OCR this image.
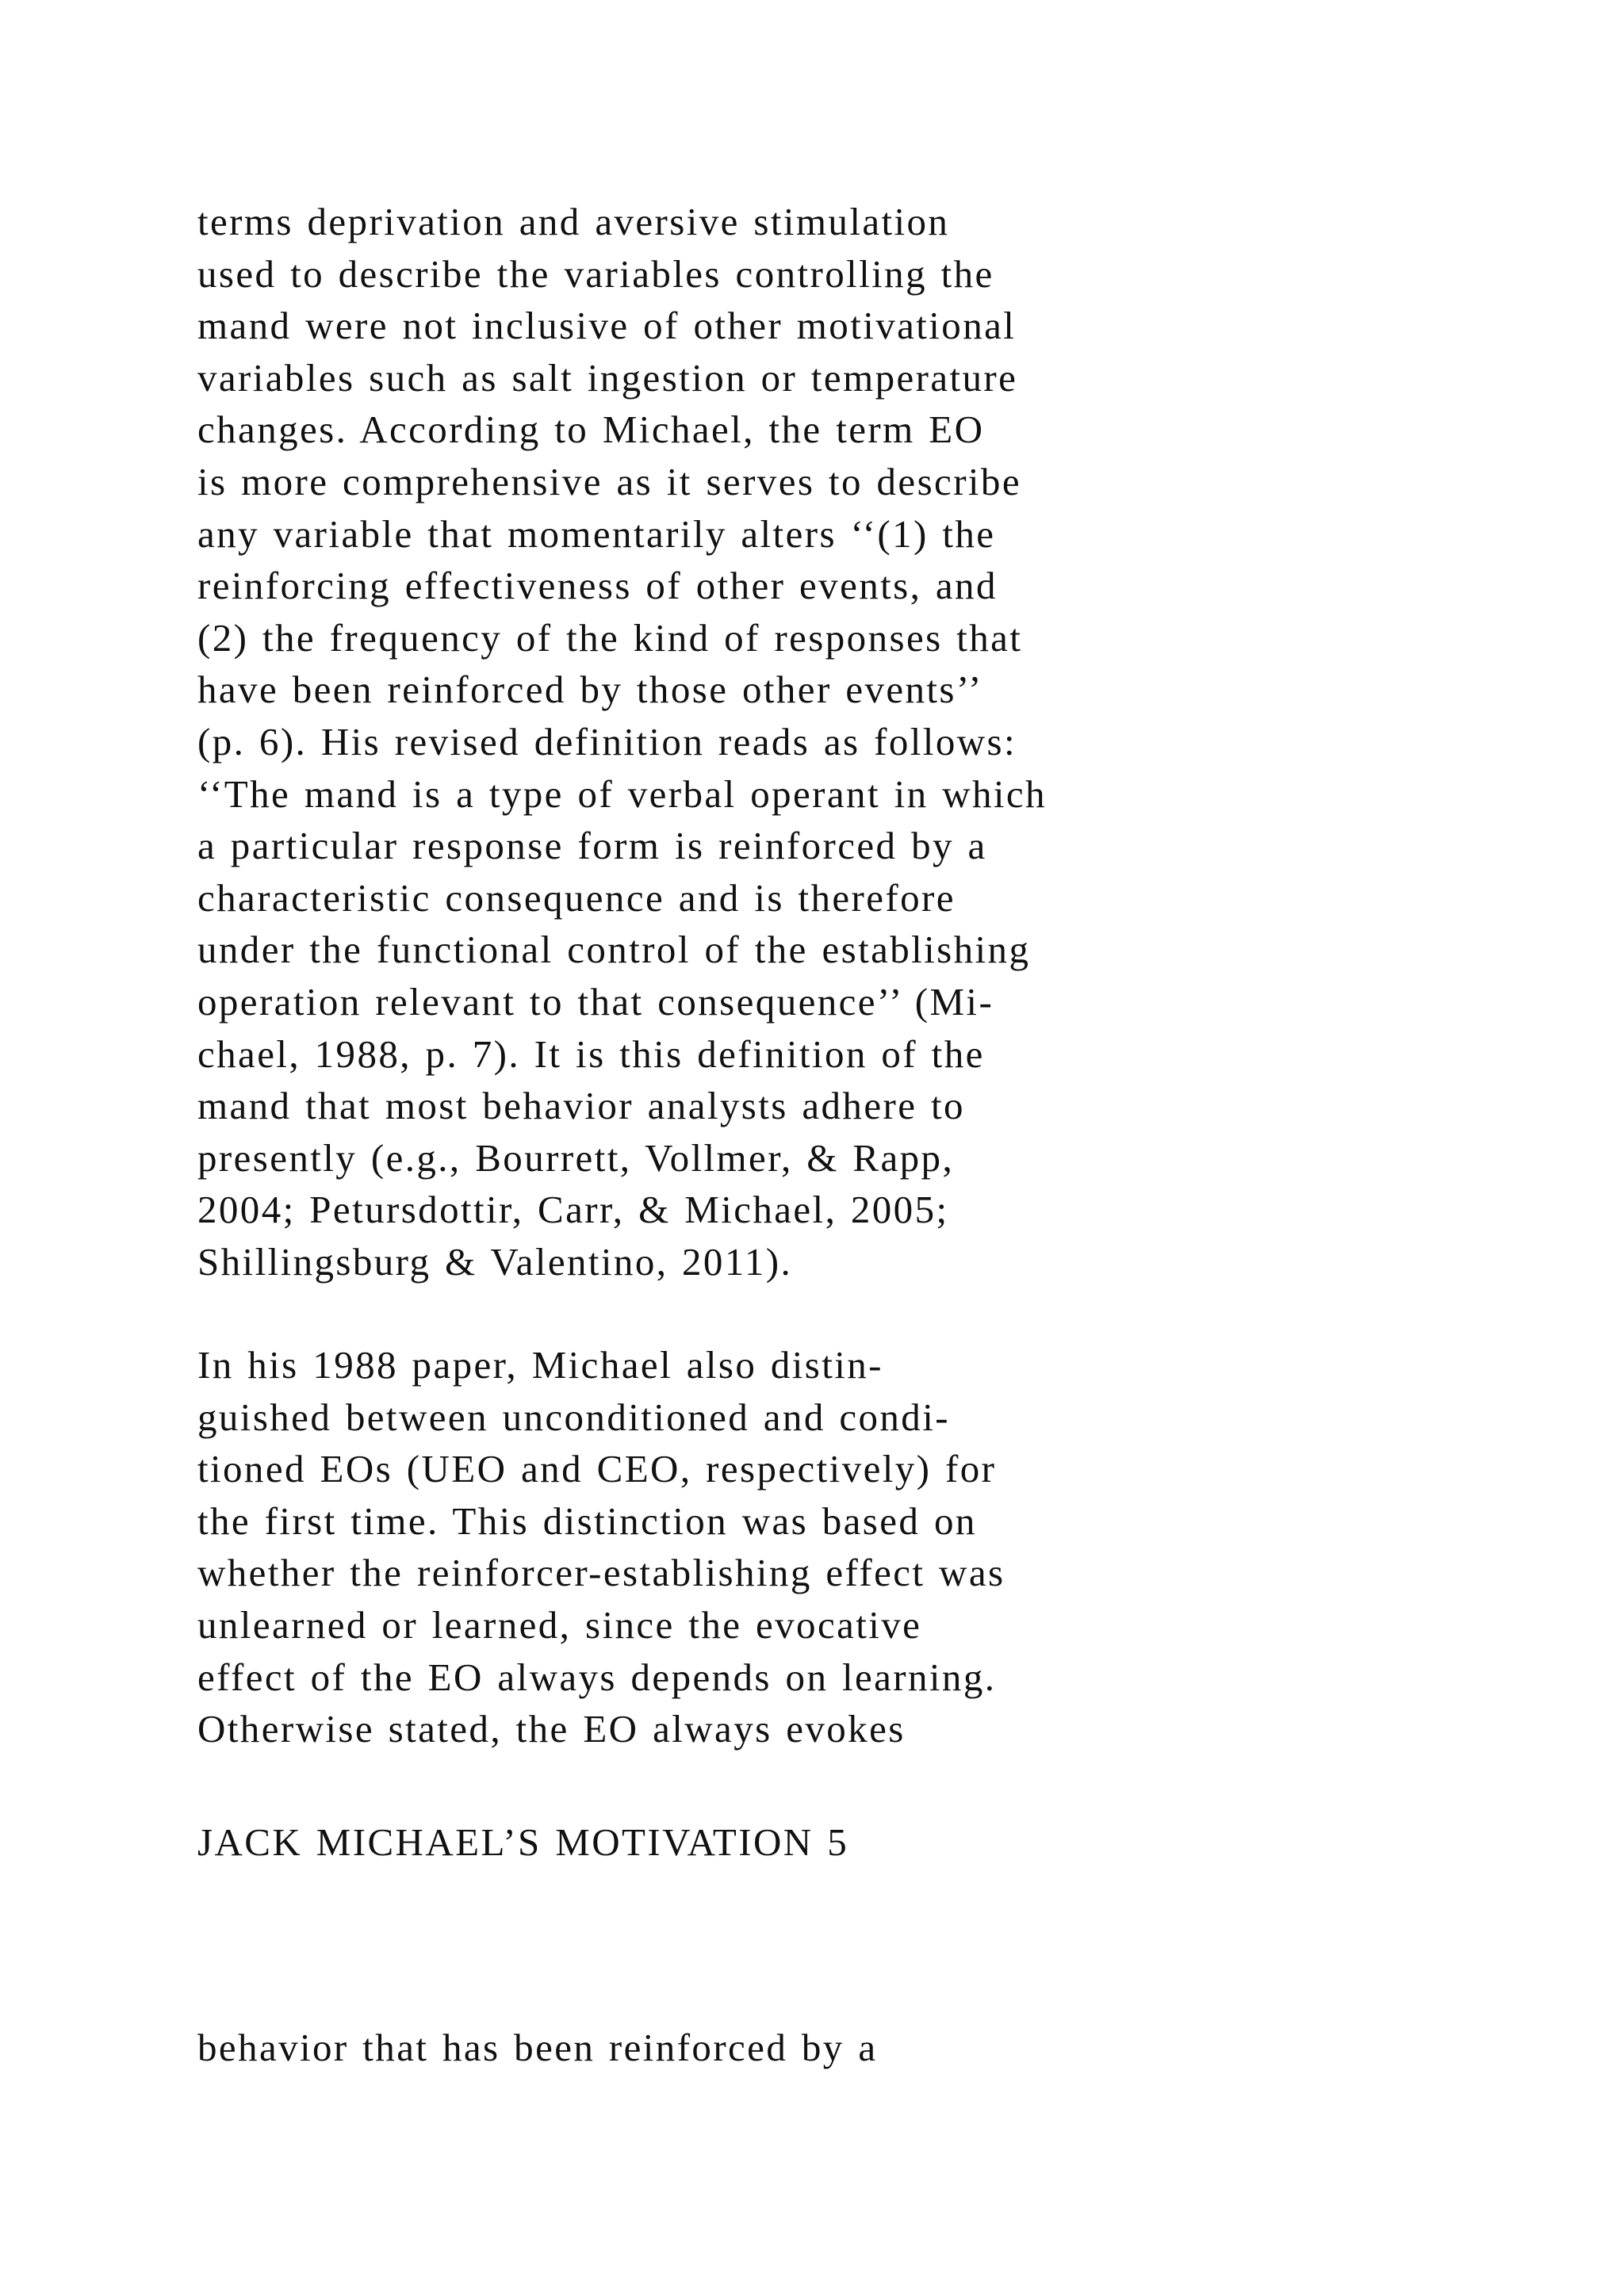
terms deprivation and aversive stimulation
used to describe the variables controlling the
mand were not inclusive of other motivational
variables such as salt ingestion or temperature
changes. According to Michael, the term EO
is more comprehensive as it serves to describe
any variable that momentarily alters ‘‘(1) the
reinforcing effectiveness of other events, and
(2) the frequency of the kind of responses that
have been reinforced by those other events’’
(p. 6). His revised definition reads as follows:
‘‘The mand is a type of verbal operant in which
a particular response form is reinforced by a
characteristic consequence and is therefore
under the functional control of the establishing
operation relevant to that consequence’’ (Mi-
chael, 1988, p. 7). It is this definition of the
mand that most behavior analysts adhere to
presently (e.g., Bourrett, Vollmer, & Rapp,
2004; Petursdottir, Carr, & Michael, 2005;
Shillingsburg & Valentino, 2011).
In his 1988 paper, Michael also distin-
guished between unconditioned and condi-
tioned EOs (UEO and CEO, respectively) for
the first time. This distinction was based on
whether the reinforcer-establishing effect was
unlearned or learned, since the evocative
effect of the EO always depends on learning.
Otherwise stated, the EO always evokes
JACK MICHAEL’S MOTIVATION 5
behavior that has been reinforced by a
